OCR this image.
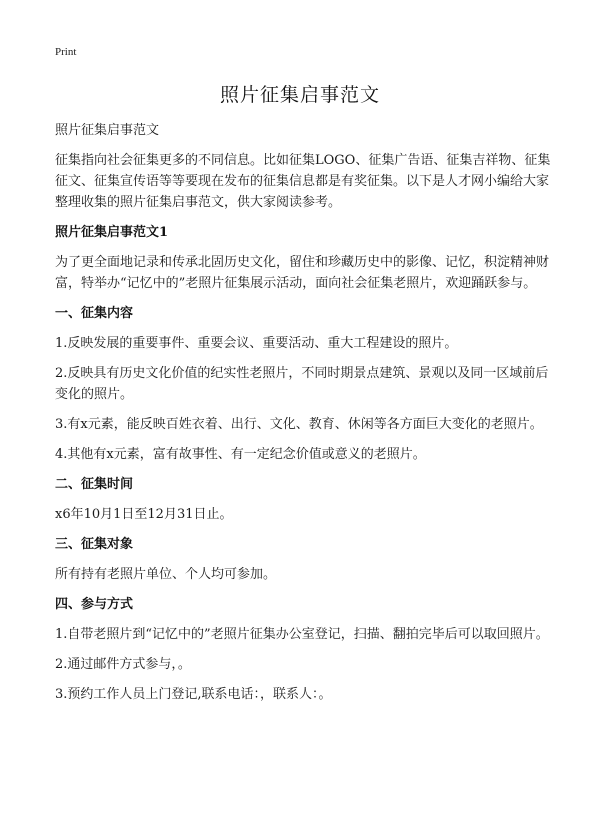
Print
照片征集启事范文

照片征集启事范文

征集指向社会征集更多的不同信息。比如征集LOGO、征集广告语、征集吉祥物、征集征文、征集宣传语等等要现在发布的征集信息都是有奖征集。以下是人才网小编给大家整理收集的照片征集启事范文，供大家阅读参考。

照片征集启事范文1

为了更全面地记录和传承北固历史文化，留住和珍藏历史中的影像、记忆，积淀精神财富，特举办“记忆中的”老照片征集展示活动，面向社会征集老照片，欢迎踊跃参与。

一、征集内容

1.反映发展的重要事件、重要会议、重要活动、重大工程建设的照片。

2.反映具有历史文化价值的纪实性老照片，不同时期景点建筑、景观以及同一区域前后变化的照片。

3.有x元素，能反映百姓衣着、出行、文化、教育、休闲等各方面巨大变化的老照片。

4.其他有x元素，富有故事性、有一定纪念价值或意义的老照片。

二、征集时间

x6年10月1日至12月31日止。

三、征集对象

所有持有老照片单位、个人均可参加。

四、参与方式

1.自带老照片到“记忆中的”老照片征集办公室登记，扫描、翻拍完毕后可以取回照片。

2.通过邮件方式参与，。

3.预约工作人员上门登记,联系电话：，联系人：。
